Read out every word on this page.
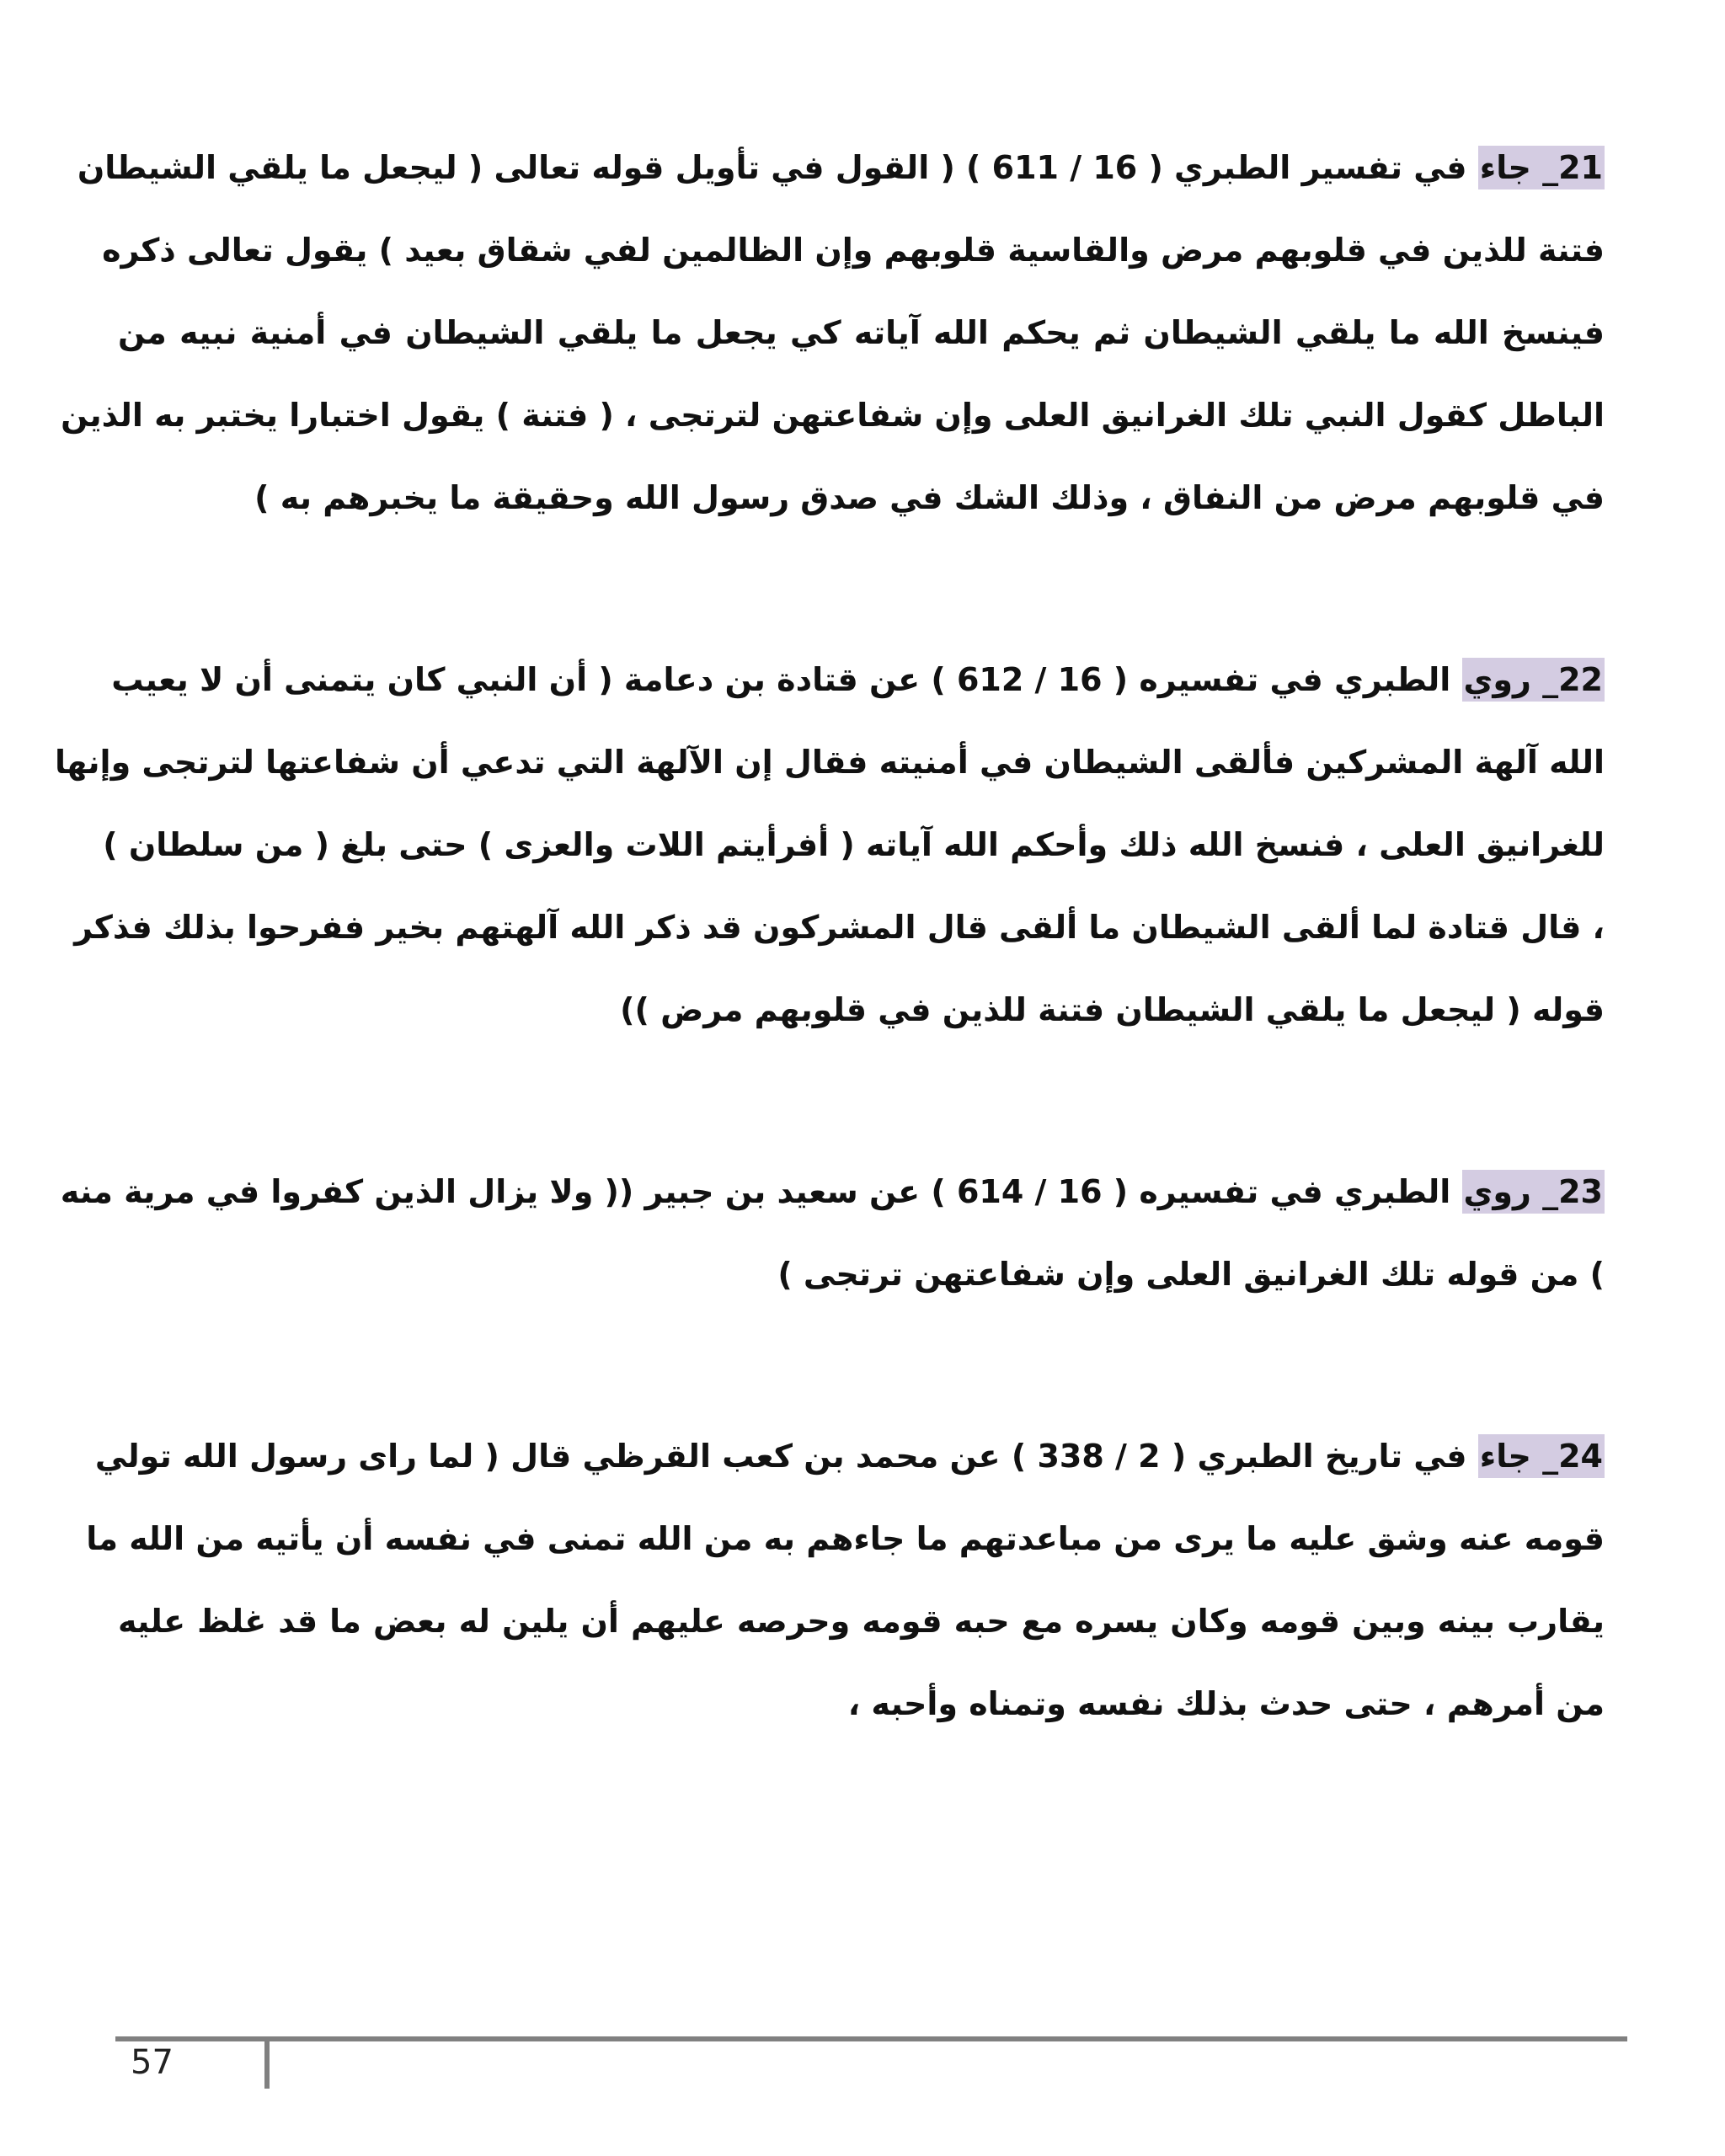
21_ جاء في تفسير الطبري ( 16 / 611 ) ( القول في تأويل قوله تعالى ( ليجعل ما يلقي الشيطان
فتنة للذين في قلوبهم مرض والقاسية قلوبهم وإن الظالمين لفي شقاق بعيد ) يقول تعالى ذكره
فينسخ الله ما يلقي الشيطان ثم يحكم الله آياته كي يجعل ما يلقي الشيطان في أمنية نبيه من
الباطل كقول النبي تلك الغرانيق العلى وإن شفاعتهن لترتجى ، ( فتنة ) يقول اختبارا يختبر به الذين
في قلوبهم مرض من النفاق ، وذلك الشك في صدق رسول الله وحقيقة ما يخبرهم به )
22_ روي الطبري في تفسيره ( 16 / 612 ) عن قتادة بن دعامة ( أن النبي كان يتمنى أن لا يعيب
الله آلهة المشركين فألقى الشيطان في أمنيته فقال إن الآلهة التي تدعي أن شفاعتها لترتجى وإنها
للغرانيق العلى ، فنسخ الله ذلك وأحكم الله آياته ( أفرأيتم اللات والعزى ) حتى بلغ ( من سلطان )
، قال قتادة لما ألقى الشيطان ما ألقى قال المشركون قد ذكر الله آلهتهم بخير ففرحوا بذلك فذكر
قوله ( ليجعل ما يلقي الشيطان فتنة للذين في قلوبهم مرض ))
23_ روي الطبري في تفسيره ( 16 / 614 ) عن سعيد بن جبير (( ولا يزال الذين كفروا في مرية منه
) من قوله تلك الغرانيق العلى وإن شفاعتهن ترتجى )
24_ جاء في تاريخ الطبري ( 2 / 338 ) عن محمد بن كعب القرظي قال ( لما راى رسول الله تولي
قومه عنه وشق عليه ما يرى من مباعدتهم ما جاءهم به من الله تمنى في نفسه أن يأتيه من الله ما
يقارب بينه وبين قومه وكان يسره مع حبه قومه وحرصه عليهم أن يلين له بعض ما قد غلظ عليه
من أمرهم ، حتى حدث بذلك نفسه وتمناه وأحبه ،
57
